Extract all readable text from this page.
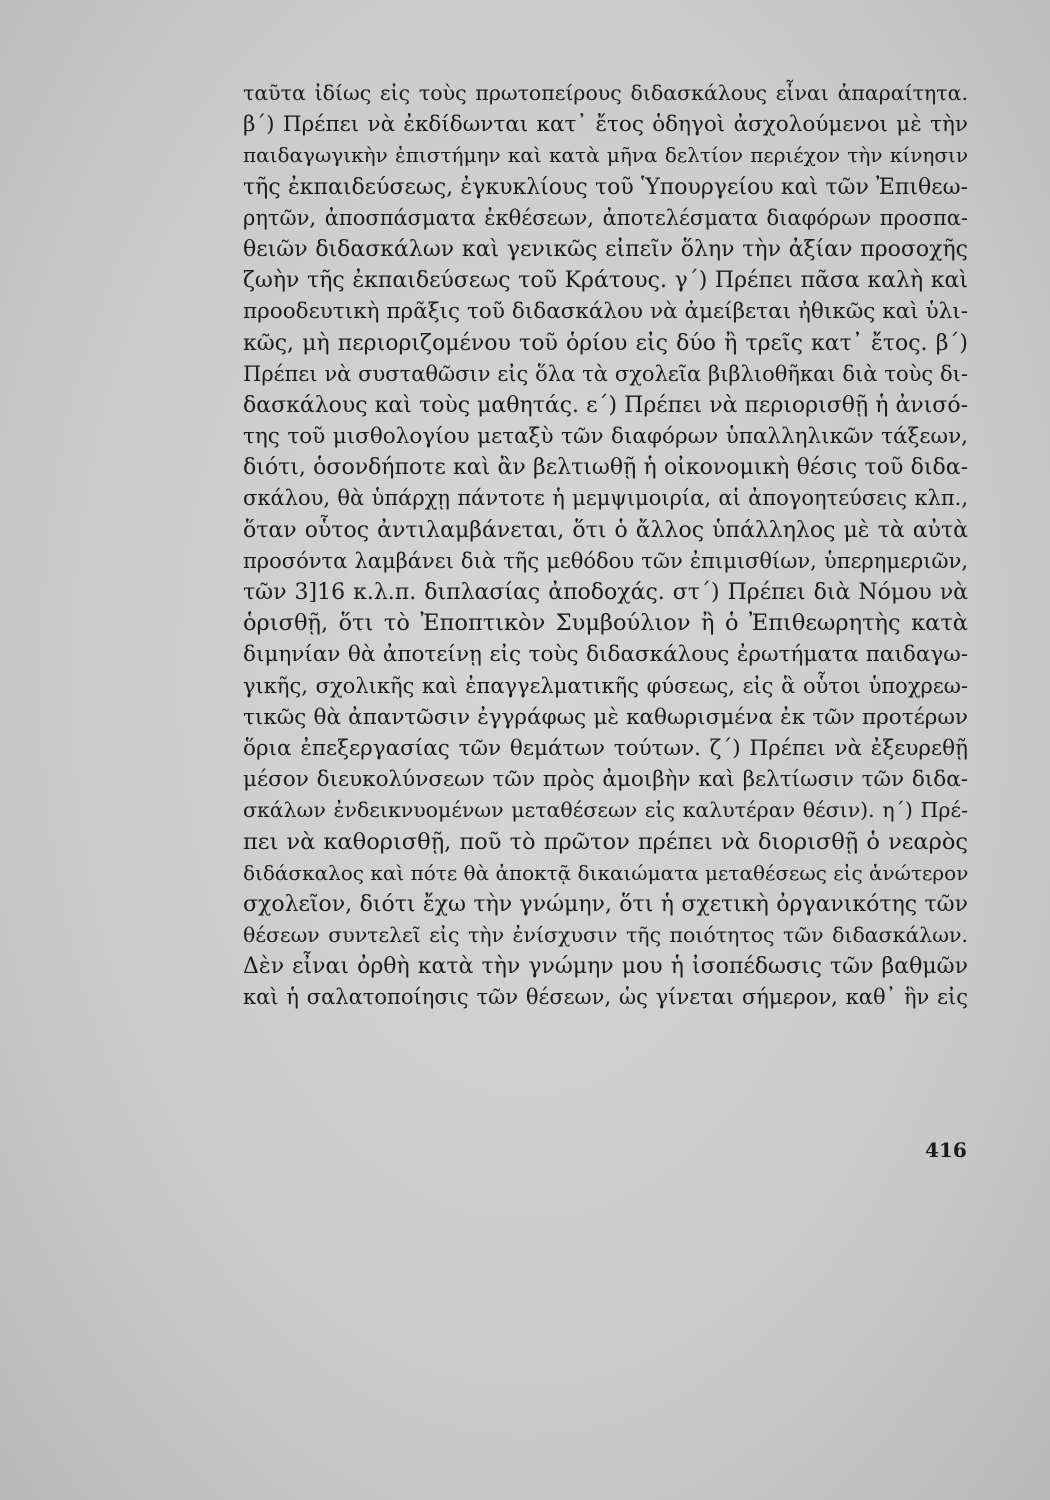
ταῦτα ἰδίως εἰς τοὺς πρωτοπείρους διδασκάλους εἶναι ἀπαραίτητα.
β΄) Πρέπει νὰ ἐκδίδωνται κατ᾽ ἔτος ὁδηγοὶ ἀσχολούμενοι μὲ τὴν
παιδαγωγικὴν ἐπιστήμην καὶ κατὰ μῆνα δελτίον περιέχον τὴν κίνησιν
τῆς ἐκπαιδεύσεως, ἐγκυκλίους τοῦ Ὑπουργείου καὶ τῶν Ἐπιθεω-
ρητῶν, ἀποσπάσματα ἐκθέσεων, ἀποτελέσματα διαφόρων προσπα-
θειῶν διδασκάλων καὶ γενικῶς εἰπεῖν ὅλην τὴν ἀξίαν προσοχῆς
ζωὴν τῆς ἐκπαιδεύσεως τοῦ Κράτους. γ΄) Πρέπει πᾶσα καλὴ καὶ
προοδευτικὴ πρᾶξις τοῦ διδασκάλου νὰ ἀμείβεται ἠθικῶς καὶ ὑλι-
κῶς, μὴ περιοριζομένου τοῦ ὁρίου εἰς δύο ἢ τρεῖς κατ᾽ ἔτος. β΄)
Πρέπει νὰ συσταθῶσιν εἰς ὅλα τὰ σχολεῖα βιβλιοθῆκαι διὰ τοὺς δι-
δασκάλους καὶ τοὺς μαθητάς. ε΄) Πρέπει νὰ περιορισθῇ ἡ ἀνισό-
της τοῦ μισθολογίου μεταξὺ τῶν διαφόρων ὑπαλληλικῶν τάξεων,
διότι, ὁσονδήποτε καὶ ἂν βελτιωθῇ ἡ οἰκονομικὴ θέσις τοῦ διδα-
σκάλου, θὰ ὑπάρχῃ πάντοτε ἡ μεμψιμοιρία, αἱ ἀπογοητεύσεις κλπ.,
ὅταν οὗτος ἀντιλαμβάνεται, ὅτι ὁ ἄλλος ὑπάλληλος μὲ τὰ αὐτὰ
προσόντα λαμβάνει διὰ τῆς μεθόδου τῶν ἐπιμισθίων, ὑπερημεριῶν,
τῶν 3]16 κ.λ.π. διπλασίας ἀποδοχάς. στ΄) Πρέπει διὰ Νόμου νὰ
ὁρισθῇ, ὅτι τὸ Ἐποπτικὸν Συμβούλιον ἢ ὁ Ἐπιθεωρητὴς κατὰ
διμηνίαν θὰ ἀποτείνῃ εἰς τοὺς διδασκάλους ἐρωτήματα παιδαγω-
γικῆς, σχολικῆς καὶ ἐπαγγελματικῆς φύσεως, εἰς ἃ οὗτοι ὑποχρεω-
τικῶς θὰ ἀπαντῶσιν ἐγγράφως μὲ καθωρισμένα ἐκ τῶν προτέρων
ὅρια ἐπεξεργασίας τῶν θεμάτων τούτων. ζ΄) Πρέπει νὰ ἐξευρεθῇ
μέσον διευκολύνσεων τῶν πρὸς ἀμοιβὴν καὶ βελτίωσιν τῶν διδα-
σκάλων ἐνδεικνυομένων μεταθέσεων εἰς καλυτέραν θέσιν). η΄) Πρέ-
πει νὰ καθορισθῇ, ποῦ τὸ πρῶτον πρέπει νὰ διορισθῇ ὁ νεαρὸς
διδάσκαλος καὶ πότε θὰ ἀποκτᾷ δικαιώματα μεταθέσεως εἰς ἀνώτερον
σχολεῖον, διότι ἔχω τὴν γνώμην, ὅτι ἡ σχετικὴ ὀργανικότης τῶν
θέσεων συντελεῖ εἰς τὴν ἐνίσχυσιν τῆς ποιότητος τῶν διδασκάλων.
Δὲν εἶναι ὀρθὴ κατὰ τὴν γνώμην μου ἡ ἰσοπέδωσις τῶν βαθμῶν
καὶ ἡ σαλατοποίησις τῶν θέσεων, ὡς γίνεται σήμερον, καθ᾽ ἣν εἰς
416
